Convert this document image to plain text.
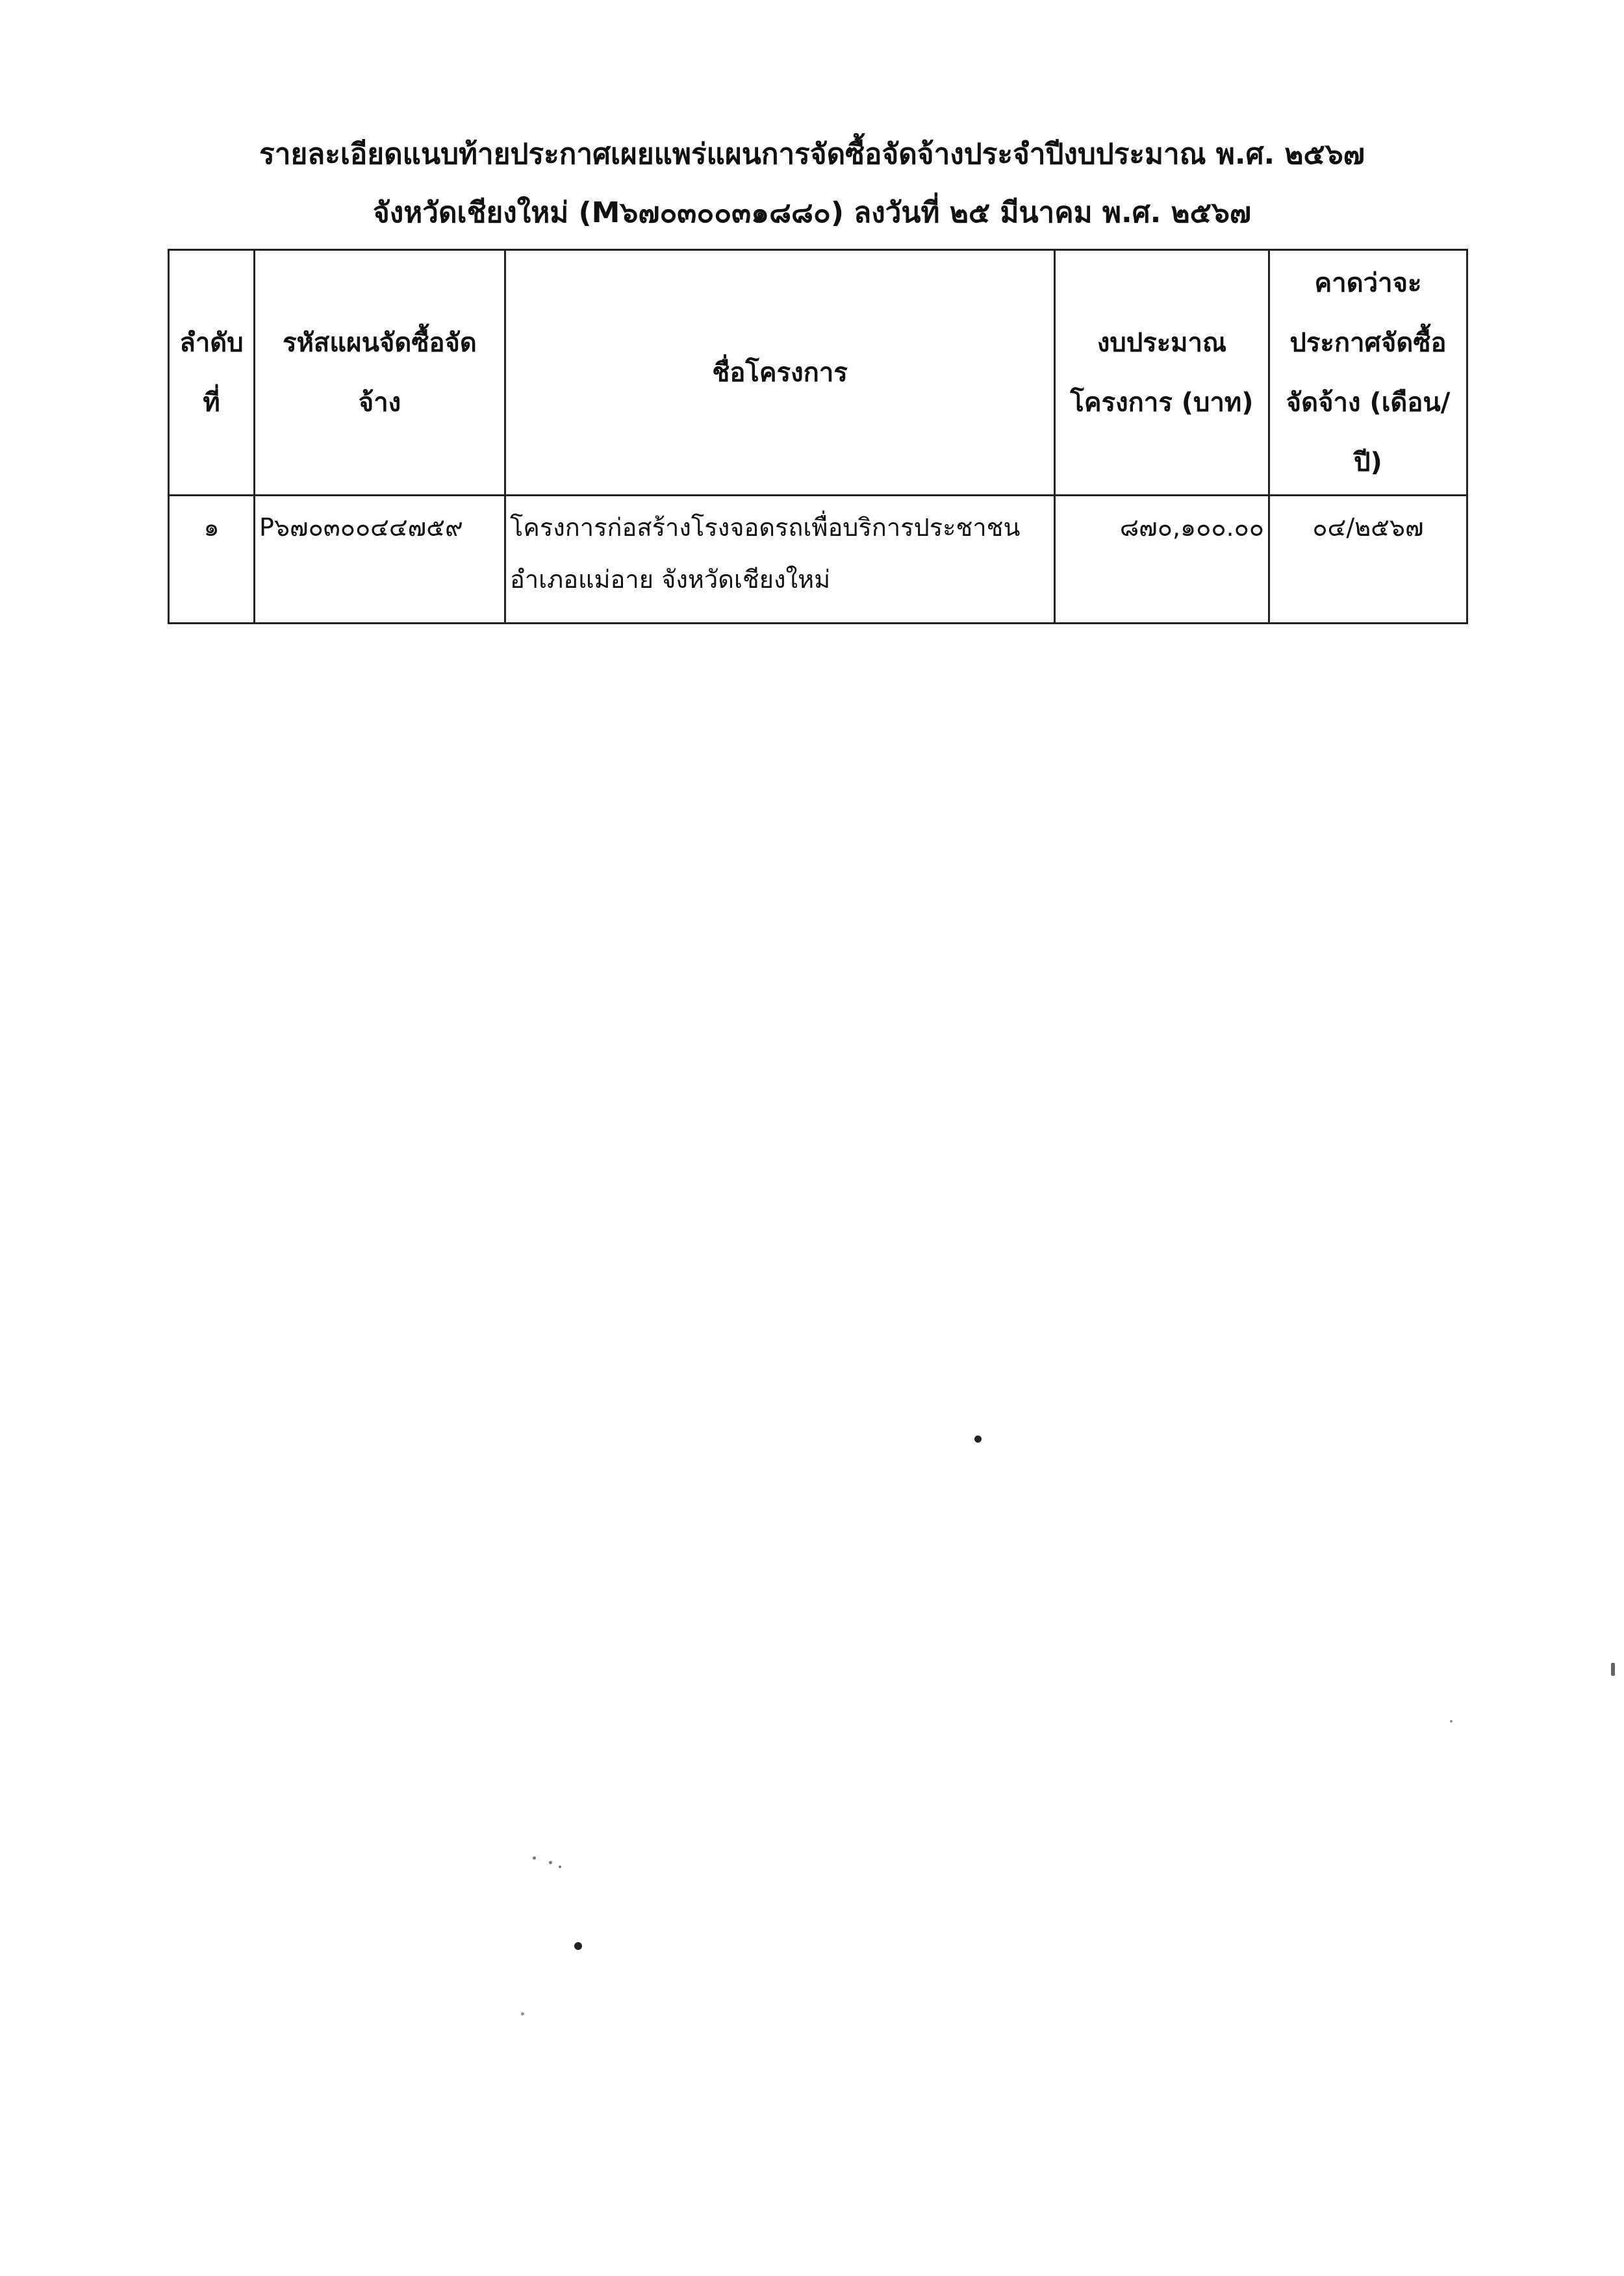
รายละเอียดแนบท้ายประกาศเผยแพร่แผนการจัดซื้อจัดจ้างประจำปีงบประมาณ พ.ศ. ๒๕๖๗
จังหวัดเชียงใหม่ (M๖๗๐๓๐๐๓๑๘๘๐) ลงวันที่ ๒๕ มีนาคม พ.ศ. ๒๕๖๗
ลำดับ ที่	รหัสแผนจัดซื้อจัด จ้าง	ชื่อโครงการ	งบประมาณ โครงการ (บาท)	คาดว่าจะ ประกาศจัดซื้อ จัดจ้าง (เดือน/ปี)
๑	P๖๗๐๓๐๐๔๔๗๕๙	โครงการก่อสร้างโรงจอดรถเพื่อบริการประชาชน อำเภอแม่อาย จังหวัดเชียงใหม่	๘๗๐,๑๐๐.๐๐	๐๔/๒๕๖๗
